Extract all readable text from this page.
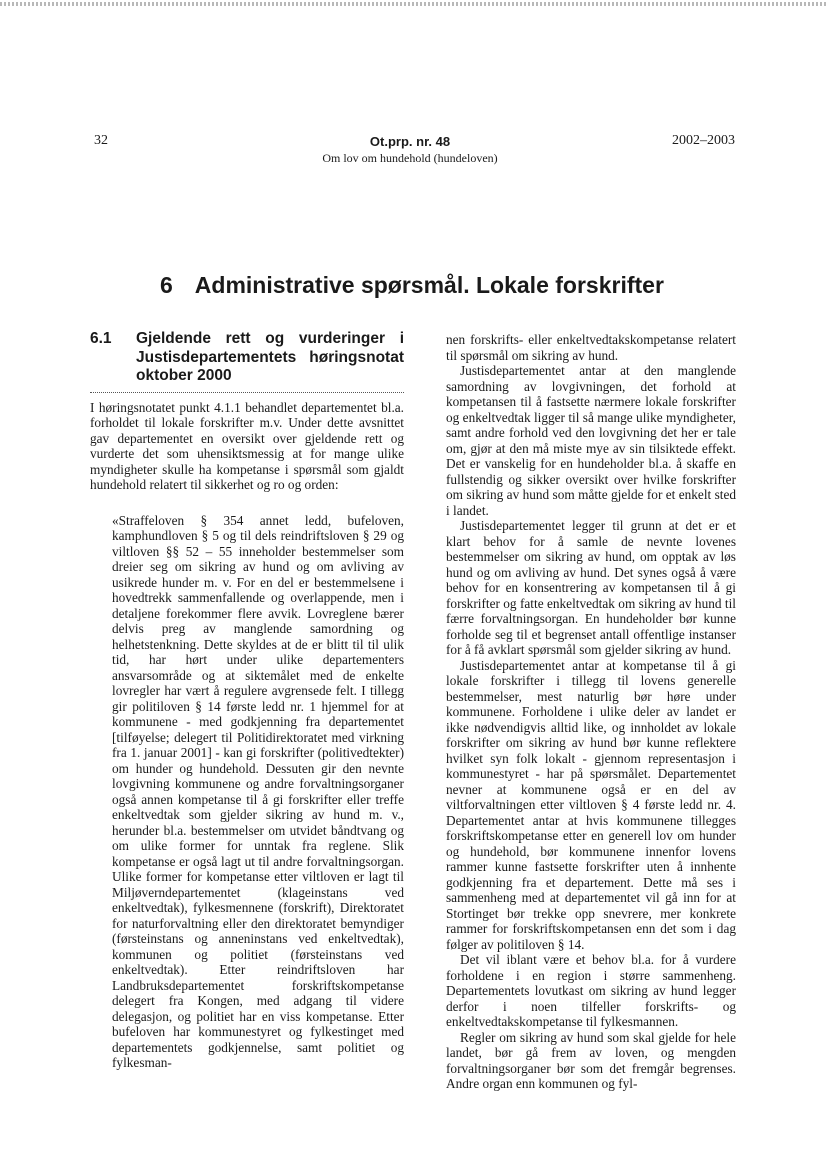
32	Ot.prp. nr. 48
Om lov om hundehold (hundeloven)
2002–2003
6 Administrative spørsmål. Lokale forskrifter
6.1	Gjeldende rett og vurderinger i Justisdepartementets høringsnotat oktober 2000

I høringsnotatet punkt 4.1.1 behandlet departementet bl.a. forholdet til lokale forskrifter m.v. Under dette avsnittet gav departementet en oversikt over gjeldende rett og vurderte det som uhensiktsmessig at for mange ulike myndigheter skulle ha kompetanse i spørsmål som gjaldt hundehold relatert til sikkerhet og ro og orden:

«Straffeloven § 354 annet ledd, bufeloven, kamphundloven § 5 og til dels reindriftsloven § 29 og viltloven §§ 52 – 55 inneholder bestemmelser som dreier seg om sikring av hund og om avliving av usikrede hunder m. v. For en del er bestemmelsene i hovedtrekk sammenfallende og overlappende, men i detaljene forekommer flere avvik. Lovreglene bærer delvis preg av manglende samordning og helhetstenkning. Dette skyldes at de er blitt til til ulik tid, har hørt under ulike departementers ansvarsområde og at siktemålet med de enkelte lovregler har vært å regulere avgrensede felt. I tillegg gir politiloven § 14 første ledd nr. 1 hjemmel for at kommunene - med godkjenning fra departementet [tilføyelse; delegert til Politidirektoratet med virkning fra 1. januar 2001] - kan gi forskrifter (politivedtekter) om hunder og hundehold. Dessuten gir den nevnte lovgivning kommunene og andre forvaltningsorganer også annen kompetanse til å gi forskrifter eller treffe enkeltvedtak som gjelder sikring av hund m. v., herunder bl.a. bestemmelser om utvidet båndtvang og om ulike former for unntak fra reglene. Slik kompetanse er også lagt ut til andre forvaltningsorgan. Ulike former for kompetanse etter viltloven er lagt til Miljøverndepartementet (klageinstans ved enkeltvedtak), fylkesmennene (forskrift), Direktoratet for naturforvaltning eller den direktoratet bemyndiger (førsteinstans og anneninstans ved enkeltvedtak), kommunen og politiet (førsteinstans ved enkeltvedtak). Etter reindriftsloven har Landbruksdepartementet forskriftskompetanse delegert fra Kongen, med adgang til videre delegasjon, og politiet har en viss kompetanse. Etter bufeloven har kommunestyret og fylkestinget med departementets godkjennelse, samt politiet og fylkesman-

nen forskrifts- eller enkeltvedtakskompetanse relatert til spørsmål om sikring av hund.

Justisdepartementet antar at den manglende samordning av lovgivningen, det forhold at kompetansen til å fastsette nærmere lokale forskrifter og enkeltvedtak ligger til så mange ulike myndigheter, samt andre forhold ved den lovgivning det her er tale om, gjør at den må miste mye av sin tilsiktede effekt. Det er vanskelig for en hundeholder bl.a. å skaffe en fullstendig og sikker oversikt over hvilke forskrifter om sikring av hund som måtte gjelde for et enkelt sted i landet.

Justisdepartementet legger til grunn at det er et klart behov for å samle de nevnte lovenes bestemmelser om sikring av hund, om opptak av løs hund og om avliving av hund. Det synes også å være behov for en konsentrering av kompetansen til å gi forskrifter og fatte enkeltvedtak om sikring av hund til færre forvaltningsorgan. En hundeholder bør kunne forholde seg til et begrenset antall offentlige instanser for å få avklart spørsmål som gjelder sikring av hund.

Justisdepartementet antar at kompetanse til å gi lokale forskrifter i tillegg til lovens generelle bestemmelser, mest naturlig bør høre under kommunene. Forholdene i ulike deler av landet er ikke nødvendigvis alltid like, og innholdet av lokale forskrifter om sikring av hund bør kunne reflektere hvilket syn folk lokalt - gjennom representasjon i kommunestyret - har på spørsmålet. Departementet nevner at kommunene også er en del av viltforvaltningen etter viltloven § 4 første ledd nr. 4. Departementet antar at hvis kommunene tillegges forskriftskompetanse etter en generell lov om hunder og hundehold, bør kommunene innenfor lovens rammer kunne fastsette forskrifter uten å innhente godkjenning fra et departement. Dette må ses i sammenheng med at departementet vil gå inn for at Stortinget bør trekke opp snevrere, mer konkrete rammer for forskriftskompetansen enn det som i dag følger av politiloven § 14.

Det vil iblant være et behov bl.a. for å vurdere forholdene i en region i større sammenheng. Departementets lovutkast om sikring av hund legger derfor i noen tilfeller forskrifts- og enkeltvedtakskompetanse til fylkesmannen.

Regler om sikring av hund som skal gjelde for hele landet, bør gå frem av loven, og mengden forvaltningsorganer bør som det fremgår begrenses. Andre organ enn kommunen og fyl-
